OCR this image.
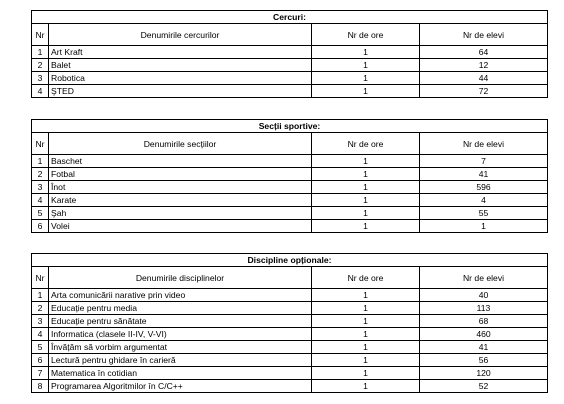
Cercuri:			
Nr	Denumirile cercurilor	Nr de ore	Nr de elevi
1	Art Kraft	1	64
2	Balet	1	12
3	Robotica	1	44
4	ŞTED	1	72
Secții sportive:			
Nr	Denumirile secțiilor	Nr de ore	Nr de elevi
1	Baschet	1	7
2	Fotbal	1	41
3	Înot	1	596
4	Karate	1	4
5	Şah	1	55
6	Volei	1	1
Discipline opționale:			
Nr	Denumirile disciplinelor	Nr de ore	Nr de elevi
1	Arta comunicării narative prin video	1	40
2	Educație pentru media	1	113
3	Educație pentru sănătate	1	68
4	Informatica (clasele II-IV, V-VI)	1	460
5	Învățăm să vorbim argumentat	1	41
6	Lectură pentru ghidare în carieră	1	56
7	Matematica în cotidian	1	120
8	Programarea Algoritmilor în C/C++	1	52
